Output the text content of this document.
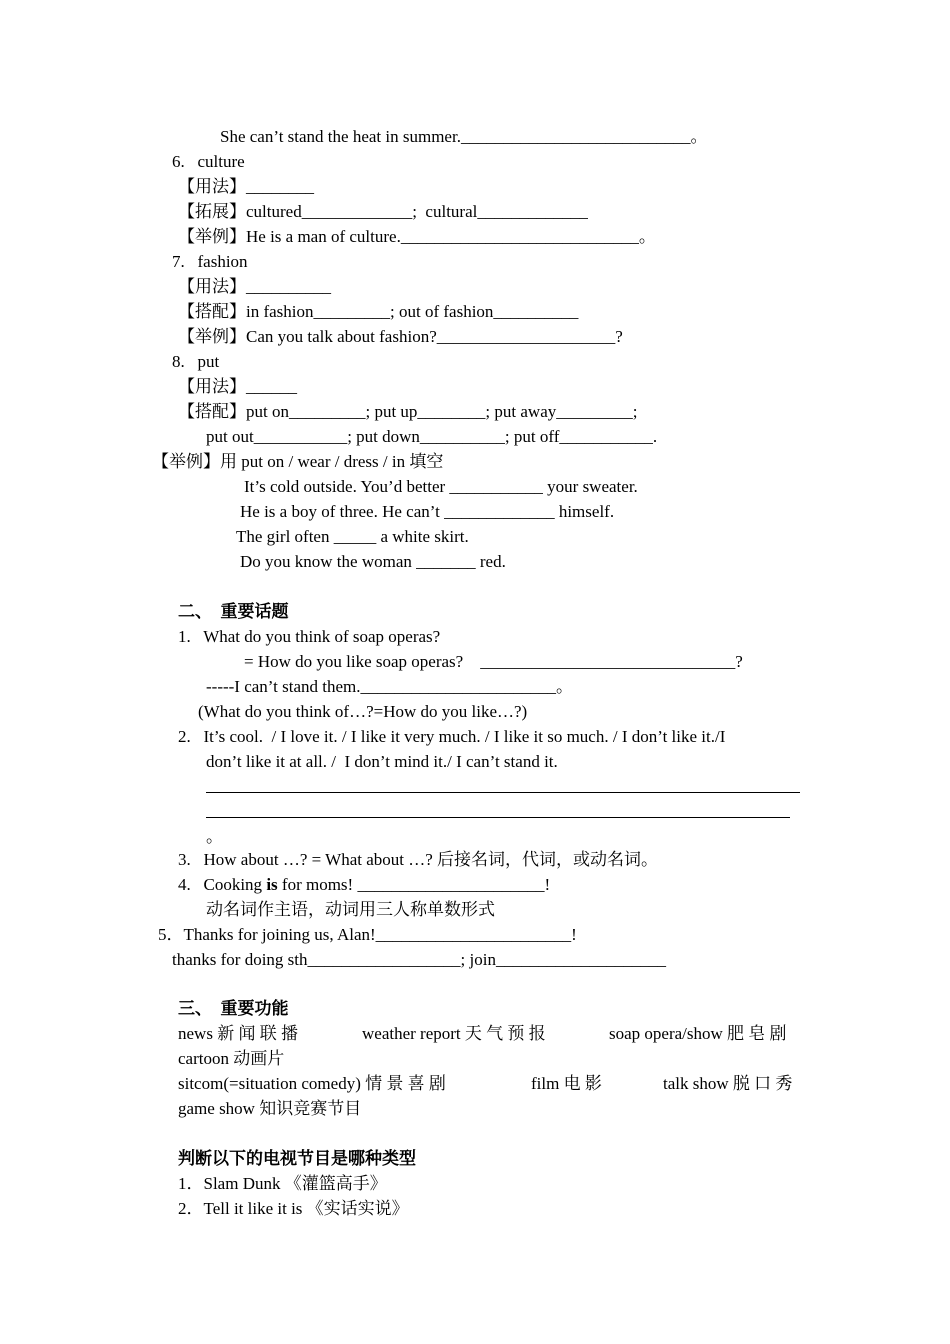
She can’t stand the heat in summer.___________________________。
6.   culture
【用法】________
【拓展】cultured_____________;  cultural_____________
【举例】He is a man of culture.____________________________。
7.   fashion
【用法】__________
【搭配】in fashion_________; out of fashion__________
【举例】Can you talk about fashion?_____________________?
8.   put
【用法】______
【搭配】put on_________; put up________; put away_________;
put out___________; put down__________; put off___________.
【举例】用 put on / wear / dress / in 填空
It’s cold outside. You’d better ___________ your sweater.
He is a boy of three. He can’t _____________ himself.
The girl often _____ a white skirt.
Do you know the woman _______ red.
二、  重要话题
1.   What do you think of soap operas?
= How do you like soap operas?    ______________________________?
-----I can’t stand them._______________________。
(What do you think of…?=How do you like…?)
2.   It’s cool.  / I love it. / I like it very much. / I like it so much. / I don’t like it./I
don’t like it at all. /  I don’t mind it./ I can’t stand it.
。
3.   How about …? = What about …? 后接名词，代词，或动名词。
4.   Cooking is for moms! ______________________!
动名词作主语，动词用三人称单数形式
5．Thanks for joining us, Alan!_______________________!
thanks for doing sth__________________; join____________________
三、  重要功能
news 新 闻 联 播	weather report 天 气 预 报	soap opera/show 肥 皂 剧
cartoon 动画片
sitcom(=situation comedy) 情 景 喜 剧	film 电 影	talk show 脱 口 秀
game show 知识竞赛节目
判断以下的电视节目是哪种类型
1．Slam Dunk 《灌篮高手》
2．Tell it like it is 《实话实说》
